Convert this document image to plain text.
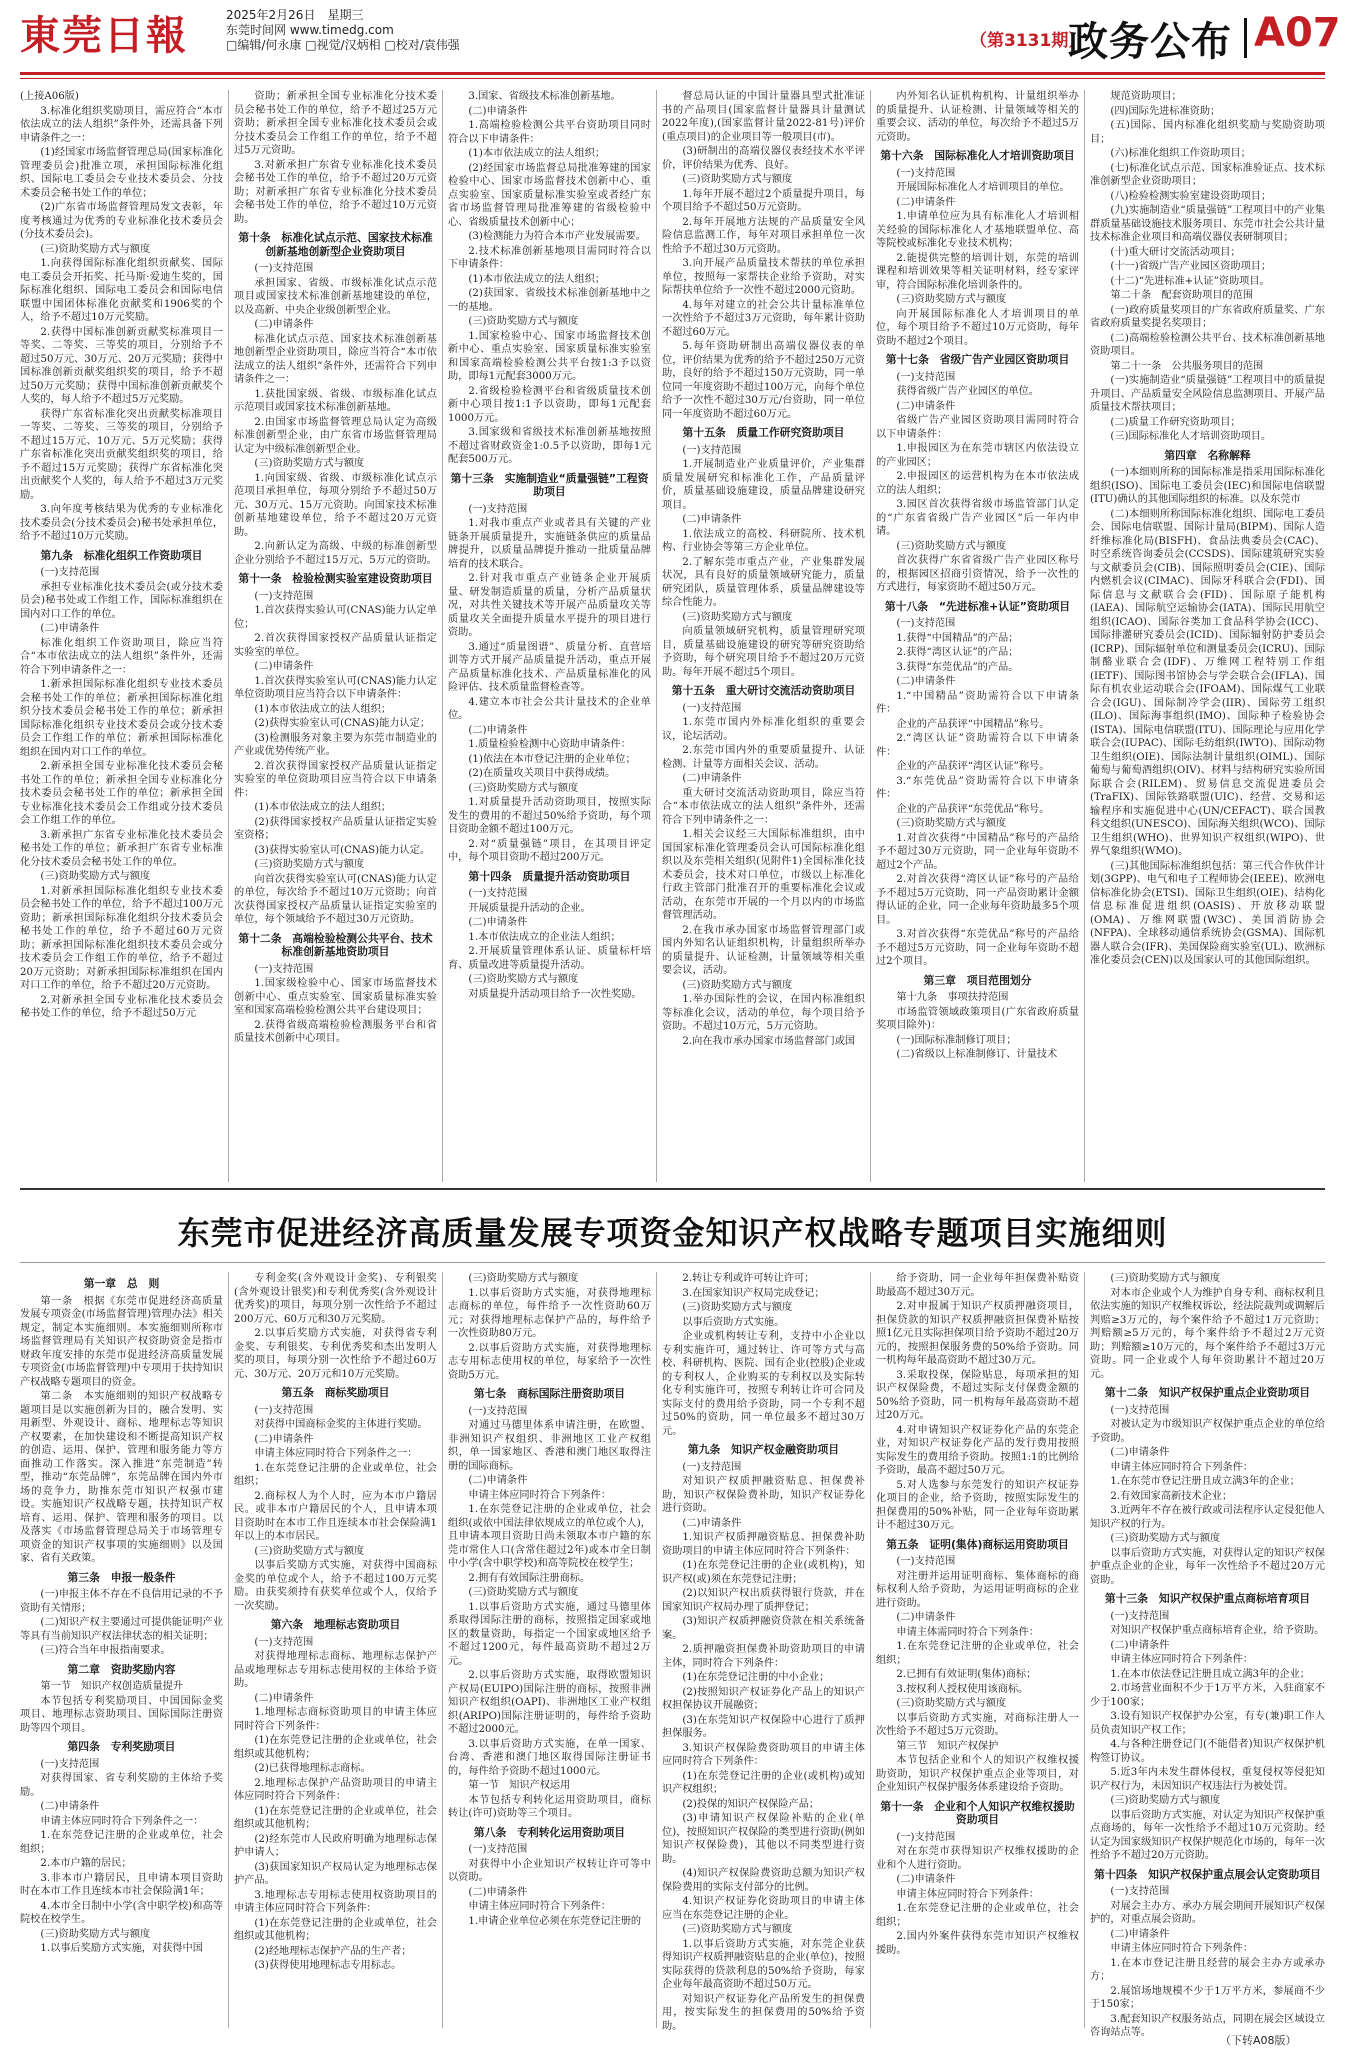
東莞日報	2025年2月26日　星期三
东莞时间网 www.timedg.com
□编辑/何永康 □视觉/汉炳相 □校对/袁伟强	（第3131期）
政务公布 A07

(上接A06版)

3.标准化组织奖励项目，需应符合“本市依法成立的法人组织”条件外，还需具备下列申请条件之一：

(1)经国家市场监督管理总局(国家标准化管理委员会)批准立项，承担国际标准化组织、国际电工委员会专业技术委员会、分技术委员会秘书处工作的单位；

(2)广东省市场监督管理局发文表彰，年度考核通过为优秀的专业标准化技术委员会(分技术委员会)。

(三)资助奖励方式与额度

1.向获得国际标准化组织贡献奖、国际电工委员会开拓奖、托马斯·爱迪生奖的，国际标准化组织、国际电工委员会和国际电信联盟中国团体标准化贡献奖和1906奖的个人，给予不超过10万元奖励。

2.获得中国标准创新贡献奖标准项目一等奖、二等奖、三等奖的项目，分别给予不超过50万元、30万元、20万元奖励；获得中国标准创新贡献奖组织奖的项目，给予不超过50万元奖励；获得中国标准创新贡献奖个人奖的，每人给予不超过5万元奖励。

获得广东省标准化突出贡献奖标准项目一等奖、二等奖、三等奖的项目，分别给予不超过15万元、10万元、5万元奖励；获得广东省标准化突出贡献奖组织奖的项目，给予不超过15万元奖励；获得广东省标准化突出贡献奖个人奖的，每人给予不超过3万元奖励。

3.向年度考核结果为优秀的专业标准化技术委员会(分技术委员会)秘书处承担单位，给予不超过10万元奖励。

第九条　标准化组织工作资助项目

(一)支持范围

承担专业标准化技术委员会(或分技术委员会)秘书处或工作组工作，国际标准组织在国内对口工作的单位。

(二)申请条件

标准化组织工作资助项目，除应当符合“本市依法成立的法人组织”条件外，还需符合下列申请条件之一：

1.新承担国际标准化组织专业技术委员会秘书处工作的单位；新承担国际标准化组织分技术委员会秘书处工作的单位；新承担国际标准化组织专业技术委员会或分技术委员会工作组工作的单位；新承担国际标准化组织在国内对口工作的单位。

2.新承担全国专业标准化技术委员会秘书处工作的单位；新承担全国专业标准化分技术委员会秘书处工作的单位；新承担全国专业标准化技术委员会工作组或分技术委员会工作组工作的单位。

3.新承担广东省专业标准化技术委员会秘书处工作的单位；新承担广东省专业标准化分技术委员会秘书处工作的单位。

(三)资助奖励方式与额度

1.对新承担国际标准化组织专业技术委员会秘书处工作的单位，给予不超过100万元资助；新承担国际标准化组织分技术委员会秘书处工作的单位，给予不超过60万元资助；新承担国际标准化组织技术委员会或分技术委员会工作组工作的单位，给予不超过20万元资助；对新承担国际标准组织在国内对口工作的单位，给予不超过20万元资助。

2.对新承担全国专业标准化技术委员会秘书处工作的单位，给予不超过50万元

资助；新承担全国专业标准化分技术委员会秘书处工作的单位，给予不超过25万元资助；新承担全国专业标准化技术委员会或分技术委员会工作组工作的单位，给予不超过5万元资助。

3.对新承担广东省专业标准化技术委员会秘书处工作的单位，给予不超过20万元资助；对新承担广东省专业标准化分技术委员会秘书处工作的单位，给予不超过10万元资助。

第十条　标准化试点示范、国家技术标准创新基地创新型企业资助项目

(一)支持范围

承担国家、省级、市级标准化试点示范项目或国家技术标准创新基地建设的单位，以及高新、中央企业级创新型企业。

(二)申请条件

标准化试点示范、国家技术标准创新基地创新型企业资助项目，除应当符合“本市依法成立的法人组织”条件外，还需符合下列申请条件之一：

1.获批国家级、省级、市级标准化试点示范项目或国家技术标准创新基地。

2.由国家市场监督管理总局认定为高级标准创新型企业，由广东省市场监督管理局认定为中级标准创新型企业。

(三)资助奖励方式与额度

1.向国家级、省级、市级标准化试点示范项目承担单位，每项分别给予不超过50万元、30万元、15万元资助。向国家技术标准创新基地建设单位，给予不超过20万元资助。

2.向新认定为高级、中级的标准创新型企业分别给予不超过15万元、5万元的资助。

第十一条　检验检测实验室建设资助项目

(一)支持范围

1.首次获得实验认可(CNAS)能力认定单位；

2.首次获得国家授权产品质量认证指定实验室的单位。

(二)申请条件

1.首次获得实验室认可(CNAS)能力认定单位资助项目应当符合以下申请条件：

(1)本市依法成立的法人组织；

(2)获得实验室认可(CNAS)能力认定；

(3)检测服务对象主要为东莞市制造业的产业或优势传统产业。

2.首次获得国家授权产品质量认证指定实验室的单位资助项目应当符合以下申请条件：

(1)本市依法成立的法人组织；

(2)获得国家授权产品质量认证指定实验室资格；

(3)获得实验室认可(CNAS)能力认定。

(三)资助奖励方式与额度

向首次获得实验室认可(CNAS)能力认定的单位，每次给予不超过10万元资助；向首次获得国家授权产品质量认证指定实验室的单位，每个领域给予不超过30万元资助。

第十二条　高端检验检测公共平台、技术标准创新基地资助项目

(一)支持范围

1.国家级检验中心、国家市场监督技术创新中心、重点实验室、国家质量标准实验室和国家高端检验检测公共平台建设项目；

2.获得省级高端检验检测服务平台和省质量技术创新中心项目。

3.国家、省级技术标准创新基地。

(二)申请条件

1.高端检验检测公共平台资助项目同时符合以下申请条件：

(1)本市依法成立的法人组织；

(2)经国家市场监督总局批准筹建的国家检验中心、国家市场监督技术创新中心、重点实验室、国家质量标准实验室或者经广东省市场监督管理局批准筹建的省级检验中心、省级质量技术创新中心；

(3)检测能力为符合本市产业发展需要。

2.技术标准创新基地项目需同时符合以下申请条件：

(1)本市依法成立的法人组织；

(2)获国家、省级技术标准创新基地中之一的基地。

(三)资助奖励方式与额度

1.国家检验中心、国家市场监督技术创新中心、重点实验室、国家质量标准实验室和国家高端检验检测公共平台按1:3予以资助，即每1元配套3000万元。

2.省级检验检测平台和省级质量技术创新中心项目按1:1予以资助，即每1元配套1000万元。

3.国家级和省级技术标准创新基地按照不超过省财政资金1:0.5予以资助，即每1元配套500万元。

第十三条　实施制造业“质量强链”工程资助项目

(一)支持范围

1.对我市重点产业或者具有关键的产业链条开展质量提升，实施链条供应的质量品牌提升，以质量品牌提升推动一批质量品牌培育的技术联合。

2.针对我市重点产业链条企业开展质量、研发制造质量的质量，分析产品质量状况，对共性关键技术等开展产品质量攻关等质量攻关全面提升质量水平提升的项目进行资助。

3.通过“质量图谱”、质量分析、直营培训等方式开展产品质量提升活动，重点开展产品质量标准化技术、产品质量标准化的风险评估、技术质量监督检查等。

4.建立本市社会公共计量技术的企业单位。

(二)申请条件

1.质量检验检测中心资助申请条件：

(1)依法在本市登记注册的企业单位；

(2)在质量攻关项目中获得成绩。

(三)资助奖励方式与额度

1.对质量提升活动资助项目，按照实际发生的费用的不超过50%给予资助，每个项目资助金额不超过100万元。

2.对“质量强链”项目，在其项目评定中，每个项目资助不超过200万元。

第十四条　质量提升活动资助项目

(一)支持范围

开展质量提升活动的企业。

(二)申请条件

1.本市依法成立的企业法人组织；

2.开展质量管理体系认证、质量标杆培育、质量改进等质量提升活动。

(三)资助奖励方式与额度

对质量提升活动项目给予一次性奖励。

督总局认证的中国计量器具型式批准证书的产品项目(国家监督计量器具计量测试2022年度),(国家监督计量2022-81号)评价(重点项目)的企业项目等一般项目(市)。

(3)研制出的高端仪器仪表经技术水平评价，评价结果为优秀、良好。

(三)资助奖励方式与额度

1.每年开展不超过2个质量提升项目，每个项目给予不超过50万元资助。

2.每年开展地方法规的产品质量安全风险信息监测工作，每年对项目承担单位一次性给予不超过30万元资助。

3.向开展产品质量技术帮扶的单位承担单位，按照每一家帮扶企业给予资助，对实际帮扶单位给予一次性不超过2000元资助。

4.每年对建立的社会公共计量标准单位一次性给予不超过3万元资助，每年累计资助不超过60万元。

5.每年资助研制出高端仪器仪表的单位，评价结果为优秀的给予不超过250万元资助，良好的给予不超过150万元资助，同一单位同一年度资助不超过100万元，向每个单位给予一次性不超过30万元/台资助，同一单位同一年度资助不超过60万元。

第十五条　质量工作研究资助项目

(一)支持范围

1.开展制造业产业质量评价，产业集群质量发展研究和标准化工作，产品质量评价，质量基础设施建设，质量品牌建设研究项目。

(二)申请条件

1.依法成立的高校、科研院所、技术机构、行业协会等第三方企业单位。

2.了解东莞市重点产业，产业集群发展状况，具有良好的质量领域研究能力，质量研究团队，质量管理体系，质量品牌建设等综合性能力。

(三)资助奖励方式与额度

向质量领域研究机构，质量管理研究项目，质量基础设施建设的研究等研究资助给予资助，每个研究项目给予不超过20万元资助。每年开展不超过5个项目。

第十五条　重大研讨交流活动资助项目

(一)支持范围

1.东莞市国内外标准化组织的重要会议，论坛活动。

2.东莞市国内外的重要质量提升、认证检测、计量等方面相关会议、活动。

(二)申请条件

重大研讨交流活动资助项目，除应当符合“本市依法成立的法人组织”条件外，还需符合下列申请条件之一：

1.相关会议经三大国际标准组织，由中国国家标准化管理委员会认可国际标准化组织以及东莞相关组织(见附件1)全国标准化技术委员会，技术对口单位，市级以上标准化行政主管部门批准召开的重要标准化会议或活动，在东莞市开展的一个月以内的市场监督管理活动。

2.在我市承办国家市场监督管理部门或国内外知名认证组织机构，计量组织所举办的质量提升、认证检测，计量领域等相关重要会议，活动。

(三)资助奖励方式与额度

1.举办国际性的会议，在国内标准组织等标准化会议，活动的单位，每个项目给予资助。不超过10万元，5万元资助。

2.向在我市承办国家市场监督部门或国

内外知名认证机构机构、计量组织举办的质量提升、认证检测、计量领域等相关的重要会议、活动的单位，每次给予不超过5万元资助。

第十六条　国际标准化人才培训资助项目

(一)支持范围

开展国际标准化人才培训项目的单位。

(二)申请条件

1.申请单位应为具有标准化人才培训相关经验的国际标准化人才基地联盟单位、高等院校或标准化专业技术机构；

2.能提供完整的培训计划，东莞的培训课程和培训效果等相关证明材料，经专家评审，符合国际标准化培训条件的。

(三)资助奖励方式与额度

向开展国际标准化人才培训项目的单位，每个项目给予不超过10万元资助，每年资助不超过2个项目。

第十七条　省级广告产业园区资助项目

(一)支持范围

获得省级广告产业园区的单位。

(二)申请条件

省级广告产业园区资助项目需同时符合以下申请条件：

1.申报园区为在东莞市辖区内依法设立的产业园区；

2.申报园区的运营机构为在本市依法成立的法人组织；

3.园区首次获得省级市场监管部门认定的“广东省省级广告产业园区”后一年内申请。

(三)资助奖励方式与额度

首次获得广东省省级广告产业园区称号的，根据园区招商引资情况，给予一次性的方式进行，每家资助不超过50万元。

第十八条　“先进标准+认证”资助项目

(一)支持范围

1.获得“中国精品”的产品；

2.获得“湾区认证”的产品；

3.获得“东莞优品”的产品。

(二)申请条件

1.“中国精品”资助需符合以下申请条件：

企业的产品获评“中国精品”称号。

2.“湾区认证”资助需符合以下申请条件：

企业的产品获评“湾区认证”称号。

3.“东莞优品”资助需符合以下申请条件：

企业的产品获评“东莞优品”称号。

(三)资助奖励方式与额度

1.对首次获得“中国精品”称号的产品给予不超过30万元资助，同一企业每年资助不超过2个产品。

2.对首次获得“湾区认证”称号的产品给予不超过5万元资助，同一产品资助累计金额得认证的企业，同一企业每年资助最多5个项目。

3.对首次获得“东莞优品”称号的产品给予不超过5万元资助，同一企业每年资助不超过2个项目。

第三章　项目范围划分

第十九条　事项扶持范围

市场监管领域政策项目(广东省政府质量奖项目除外)：

(一)国际标准制修订项目；

(二)省级以上标准制修订、计量技术

规范资助项目；

(四)国际先进标准资助；

(五)国际、国内标准化组织奖励与奖励资助项目；

(六)标准化组织工作资助项目；

(七)标准化试点示范、国家标准验证点、技术标准创新型企业资助项目；

(八)检验检测实验室建设资助项目；

(九)实施制造业“质量强链”工程项目中的产业集群质量基础设施技术服务项目、东莞市社会公共计量技术标准企业项目和高端仪器仪表研制项目；

(十)重大研讨交流活动项目；

(十一)省级广告产业园区资助项目；

(十二)“先进标准+认证”资助项目。

第二十条　配套资助项目的范围

(一)政府质量奖项目的广东省政府质量奖、广东省政府质量奖提名奖项目；

(二)高端检验检测公共平台、技术标准创新基地资助项目。

第二十一条　公共服务项目的范围

(一)实施制造业“质量强链”工程项目中的质量提升项目、产品质量安全风险信息监测项目、开展产品质量技术帮扶项目；

(二)质量工作研究资助项目；

(三)国际标准化人才培训资助项目。

第四章　名称解释

(一)本细则所称的国际标准是指采用国际标准化组织(ISO)、国际电工委员会(IEC)和国际电信联盟(ITU)确认的其他国际组织的标准。以及东莞市

(二)本细则所称国际标准化组织、国际电工委员会、国际电信联盟、国际计量局(BIPM)、国际人造纤维标准化局(BISFH)、食品法典委员会(CAC)、时空系统咨询委员会(CCSDS)、国际建筑研究实验与文献委员会(CIB)、国际照明委员会(CIE)、国际内燃机会议(CIMAC)、国际牙科联合会(FDI)、国际信息与文献联合会(FID)、国际原子能机构(IAEA)、国际航空运输协会(IATA)、国际民用航空组织(ICAO)、国际谷类加工食品科学协会(ICC)、国际排灌研究委员会(ICID)、国际辐射防护委员会(ICRP)、国际辐射单位和测量委员会(ICRU)、国际制酪业联合会(IDF)、万维网工程特别工作组(IETF)、国际图书馆协会与学会联合会(IFLA)、国际有机农业运动联合会(IFOAM)、国际煤气工业联合会(IGU)、国际制冷学会(IIR)、国际劳工组织(ILO)、国际海事组织(IMO)、国际种子检验协会(ISTA)、国际电信联盟(ITU)、国际理论与应用化学联合会(IUPAC)、国际毛纺组织(IWTO)、国际动物卫生组织(OIE)、国际法制计量组织(OIML)、国际葡萄与葡萄酒组织(OIV)、材料与结构研究实验所国际联合会(RILEM)、贸易信息交流促进委员会(TraFIX)、国际铁路联盟(UIC)、经营、交易和运输程序和实施促进中心(UN/CEFACT)、联合国教科文组织(UNESCO)、国际海关组织(WCO)、国际卫生组织(WHO)、世界知识产权组织(WIPO)、世界气象组织(WMO)。

(三)其他国际标准组织包括：第三代合作伙伴计划(3GPP)、电气和电子工程师协会(IEEE)、欧洲电信标准化协会(ETSI)、国际卫生组织(OIE)、结构化信息标准促进组织(OASIS)、开放移动联盟(OMA)、万维网联盟(W3C)、美国消防协会(NFPA)、全球移动通信系统协会(GSMA)、国际机器人联合会(IFR)、美国保险商实验室(UL)、欧洲标准化委员会(CEN)以及国家认可的其他国际组织。

东莞市促进经济高质量发展专项资金知识产权战略专题项目实施细则

第一章　总　则

第一条　根据《东莞市促进经济高质量发展专项资金(市场监督管理)管理办法》相关规定，制定本实施细则。本实施细则所称市场监督管理局有关知识产权资助资金是指市财政年度安排的东莞市促进经济高质量发展专项资金(市场监督管理)中专项用于扶持知识产权战略专题项目的资金。

第二条　本实施细则的知识产权战略专题项目是以实施创新为目的，融合发明、实用新型、外观设计、商标、地理标志等知识产权要素，在加快建设和不断提高知识产权的创造、运用、保护、管理和服务能力等方面推动工作落实。深入推进“东莞制造”转型，推动“东莞品牌”，东莞品牌在国内外市场的竞争力，助推东莞市知识产权强市建设。实施知识产权战略专题，扶持知识产权培育、运用、保护、管理和服务的项目。以及落实《市场监督管理总局关于市场管理专项资金的知识产权事项的实施细则》以及国家、省有关政策。

第三条　申报一般条件

(一)申报主体不存在不良信用记录的不予资助有关情形；

(二)知识产权主要通过可提供能证明产业等具有当前知识产权法律状态的相关证明；

(三)符合当年申报指南要求。

第二章　资助奖励内容

第一节　知识产权创造质量提升

本节包括专利奖励项目、中国国际金奖项目、地理标志资助项目、国际国际注册资助等四个项目。

第四条　专利奖励项目

(一)支持范围

对获得国家、省专利奖励的主体给予奖励。

(二)申请条件

申请主体应同时符合下列条件之一：

1.在东莞登记注册的企业或单位，社会组织；

2.本市户籍的居民；

3.非本市户籍居民，且申请本项目资助时在本市工作且连续本市社会保险满1年；

4.本市全日制中小学(含中职学校)和高等院校在校学生。

(三)资助奖励方式与额度

1.以事后奖励方式实施，对获得中国

专利金奖(含外观设计金奖)、专利银奖(含外观设计银奖)和专利优秀奖(含外观设计优秀奖)的项目，每项分别一次性给予不超过200万元、60万元和30万元奖励。

2.以事后奖励方式实施，对获得省专利金奖、专利银奖、专利优秀奖和杰出发明人奖的项目，每项分别一次性给予不超过60万元、30万元、20万元和10万元奖励。

第五条　商标奖励项目

(一)支持范围

对获得中国商标金奖的主体进行奖励。

(二)申请条件

申请主体应同时符合下列条件之一：

1.在东莞登记注册的企业或单位，社会组织；

2.商标权人为个人时，应为本市户籍居民。或非本市户籍居民的个人，且申请本项目资助时在本市工作且连续本市社会保险满1年以上的本市居民。

(三)资助奖励方式与额度

以事后奖励方式实施，对获得中国商标金奖的单位或个人，给予不超过100万元奖励。由获奖须持有获奖单位或个人，仅给予一次奖励。

第六条　地理标志资助项目

(一)支持范围

对获得地理标志商标、地理标志保护产品或地理标志专用标志使用权的主体给予资助。

(二)申请条件

1.地理标志商标资助项目的申请主体应同时符合下列条件：

(1)在东莞登记注册的企业或单位，社会组织或其他机构；

(2)已获得地理标志商标。

2.地理标志保护产品资助项目的申请主体应同时符合下列条件：

(1)在东莞登记注册的企业或单位，社会组织或其他机构；

(2)经东莞市人民政府明确为地理标志保护申请人；

(3)获国家知识产权局认定为地理标志保护产品。

3.地理标志专用标志使用权资助项目的申请主体应同时符合下列条件：

(1)在东莞登记注册的企业或单位，社会组织或其他机构；

(2)经地理标志保护产品的生产者；

(3)获得使用地理标志专用标志。

(三)资助奖励方式与额度

1.以事后资助方式实施，对获得地理标志商标的单位，每件给予一次性资助60万元；对获得地理标志保护产品的，每件给予一次性资助80万元。

2.以事后资助方式实施，对获得地理标志专用标志使用权的单位，每家给予一次性资助5万元。

第七条　商标国际注册资助项目

(一)支持范围

对通过马德里体系申请注册，在欧盟、非洲知识产权组织、非洲地区工业产权组织，单一国家地区、香港和澳门地区取得注册的国际商标。

(二)申请条件

申请主体应同时符合下列条件：

1.在东莞登记注册的企业或单位，社会组织(或依中国法律依规成立的单位或个人)，且申请本项目资助日尚未领取本市户籍的东莞市常住人口(含常住超过2年)或本市全日制中小学(含中职学校)和高等院校在校学生；

2.拥有有效国际注册商标。

(三)资助奖励方式与额度

1.以事后资助方式实施，通过马德里体系取得国际注册的商标，按照指定国家或地区的数量资助，每指定一个国家或地区给予不超过1200元，每件最高资助不超过2万元。

2.以事后资助方式实施，取得欧盟知识产权局(EUIPO)国际注册的商标，按照非洲知识产权组织(OAPI)、非洲地区工业产权组织(ARIPO)国际注册证明的，每件给予资助不超过2000元。

3.以事后资助方式实施，在单一国家、台湾、香港和澳门地区取得国际注册证书的，每件给予资助不超过1000元。

第一节　知识产权运用

本节包括专利转化运用资助项目，商标转让(许可)资助等三个项目。

第八条　专利转化运用资助项目

(一)支持范围

对获得中小企业知识产权转让许可等中以资助。

(二)申请条件

申请主体应同时符合下列条件：

1.申请企业单位必须在东莞登记注册的

2.转让专利或许可转让许可；

3.在国家知识产权局完成登记；

(三)资助奖励方式与额度

以事后资助方式实施。

企业或机构转让专利，支持中小企业以专利实施许可，通过转让、许可等方式与高校、科研机构、医院、国有企业(控股)企业或的专利权人，企业购买的专利权以及实际转化专利实施许可，按照专利转让许可合同及实际支付的费用给予资助，同一个专利不超过50%的资助，同一单位最多不超过30万元。

第九条　知识产权金融资助项目

(一)支持范围

对知识产权质押融资贴息、担保费补助，知识产权保险费补助，知识产权证券化进行资助。

(二)申请条件

1.知识产权质押融资贴息、担保费补助资助项目的申请主体应同时符合下列条件：

(1)在东莞登记注册的企业(或机构)，知识产权(或)须在东莞登记注册；

(2)以知识产权出质获得银行贷款，并在国家知识产权局办理了质押登记；

(3)知识产权质押融资贷款在相关系统备案。

2.质押融资担保费补助资助项目的申请主体，同时符合下列条件：

(1)在东莞登记注册的中小企业；

(2)按照知识产权证券化产品上的知识产权担保协议开展融资；

(3)在东莞知识产权保险中心进行了质押担保服务。

3.知识产权保险费资助项目的申请主体应同时符合下列条件：

(1)在东莞登记注册的企业(或机构)或知识产权组织；

(2)投保的知识产权保险产品；

(3)申请知识产权保险补贴的企业(单位)，按照知识产权保险的类型进行资助(例如知识产权保险费)，其他以不同类型进行资助。

(4)知识产权保险费资助总额为知识产权保险费用的实际支付部分的比例。

4.知识产权证券化资助项目的申请主体应当在东莞登记注册的企业。

(三)资助奖励方式与额度

1.以事后资助方式实施，对东莞企业获得知识产权质押融资贴息的企业(单位)，按照实际获得的贷款利息的50%给予资助，每家企业每年最高资助不超过50万元。

对知识产权证券化产品所发生的担保费用，按实际发生的担保费用的50%给予资助。

给予资助，同一企业每年担保费补贴资助最高不超过30万元。

2.对申报属于知识产权质押融资项目，担保贷款的知识产权质押融资担保费补贴按照1亿元且实际担保项目给予资助不超过20万元的，按照担保服务费的50%给予资助。同一机构每年最高资助不超过30万元。

3.采取投保，保险贴息，每项承担的知识产权保险费，不超过实际支付保费金额的50%给予资助，同一机构每年最高资助不超过20万元。

4.对申请知识产权证券化产品的东莞企业，对知识产权证券化产品的发行费用按照实际发生的费用给予资助。按照1:1的比例给予资助，最高不超过50万元。

5.对人选参与东莞发行的知识产权证券化项目的企业，给予资助，按照实际发生的担保费用的50%补贴，同一企业每年资助累计不超过30万元。

第五条　证明(集体)商标运用资助项目

(一)支持范围

对注册并运用证明商标、集体商标的商标权利人给予资助，为运用证明商标的企业进行资助。

(二)申请条件

申请主体需同时符合下列条件：

1.在东莞登记注册的企业或单位，社会组织；

2.已拥有有效证明(集体)商标；

3.按权利人授权使用该商标。

(三)资助奖励方式与额度

以事后资助方式实施，对商标注册人一次性给予不超过5万元资助。

第三节　知识产权保护

本节包括企业和个人的知识产权维权援助资助，知识产权保护重点企业等项目，对企业知识产权保护服务体系建设给予资助。

第十一条　企业和个人知识产权维权援助资助项目

(一)支持范围

对在东莞市获得知识产权维权援助的企业和个人进行资助。

(二)申请条件

申请主体应同时符合下列条件：

1.在东莞登记注册的企业或单位，社会组织；

2.国内外案件获得东莞市知识产权维权援助。

(三)资助奖励方式与额度

对本市企业或个人为维护自身专利、商标权利且依法实施的知识产权维权诉讼，经法院裁判或调解后判赔≥3万元的，每个案件给予不超过1万元资助；判赔额≥5万元的，每个案件给予不超过2万元资助；判赔额≥10万元的，每个案件给予不超过3万元资助。同一企业或个人每年资助累计不超过20万元。

第十二条　知识产权保护重点企业资助项目

(一)支持范围

对被认定为市级知识产权保护重点企业的单位给予资助。

(二)申请条件

申请主体应同时符合下列条件：

1.在东莞市登记注册且成立满3年的企业；

2.有效国家高新技术企业；

3.近两年不存在被行政或司法程序认定侵犯他人知识产权的行为。

(三)资助奖励方式与额度

以事后资助方式实施，对获得认定的知识产权保护重点企业的企业，每年一次性给予不超过20万元资助。

第十三条　知识产权保护重点商标培育项目

(一)支持范围

对知识产权保护重点商标培育企业，给予资助。

(二)申请条件

申请主体应同时符合下列条件：

1.在本市依法登记注册且成立满3年的企业；

2.市场营业面积不少于1万平方米，入驻商家不少于100家；

3.设有知识产权保护办公室，有专(兼)职工作人员负责知识产权工作；

4.与各种注册登记门(不能借者)知识产权保护机构签订协议。

5.近3年内未发生群体侵权，重复侵权等侵犯知识产权行为，未因知识产权违法行为被处罚。

(三)资助奖励方式与额度

以事后资助方式实施，对认定为知识产权保护重点商场的，每年一次性给予不超过10万元资助。经认定为国家级知识产权保护规范化市场的，每年一次性给予不超过20万元资助。

第十四条　知识产权保护重点展会认定资助项目

(一)支持范围

对展会主办方、承办方展会期间开展知识产权保护的，对重点展会资助。

(二)申请条件

申请主体应同时符合下列条件：

1.在本市登记注册且经营的展会主办方或承办方；

2.展馆场地规模不少于1万平方米，参展商不少于150家；

3.配套知识产权服务站点，同期在展会区域设立咨询站点等。

（下转A08版）
